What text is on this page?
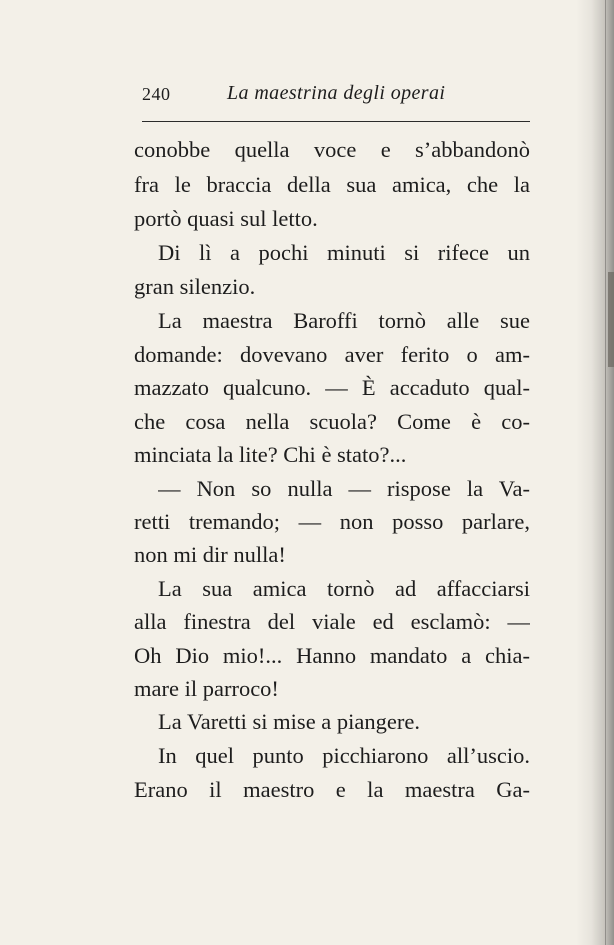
240	La maestrina degli operai
conobbe quella voce e s’abbandonò
fra le braccia della sua amica, che la
portò quasi sul letto.
Di lì a pochi minuti si rifece un
gran silenzio.
La maestra Baroffi tornò alle sue
domande: dovevano aver ferito o am-
mazzato qualcuno. — È accaduto qual-
che cosa nella scuola? Come è co-
minciata la lite? Chi è stato?...
— Non so nulla — rispose la Va-
retti tremando; — non posso parlare,
non mi dir nulla!
La sua amica tornò ad affacciarsi
alla finestra del viale ed esclamò: —
Oh Dio mio!... Hanno mandato a chia-
mare il parroco!
La Varetti si mise a piangere.
In quel punto picchiarono all’uscio.
Erano il maestro e la maestra Ga-
